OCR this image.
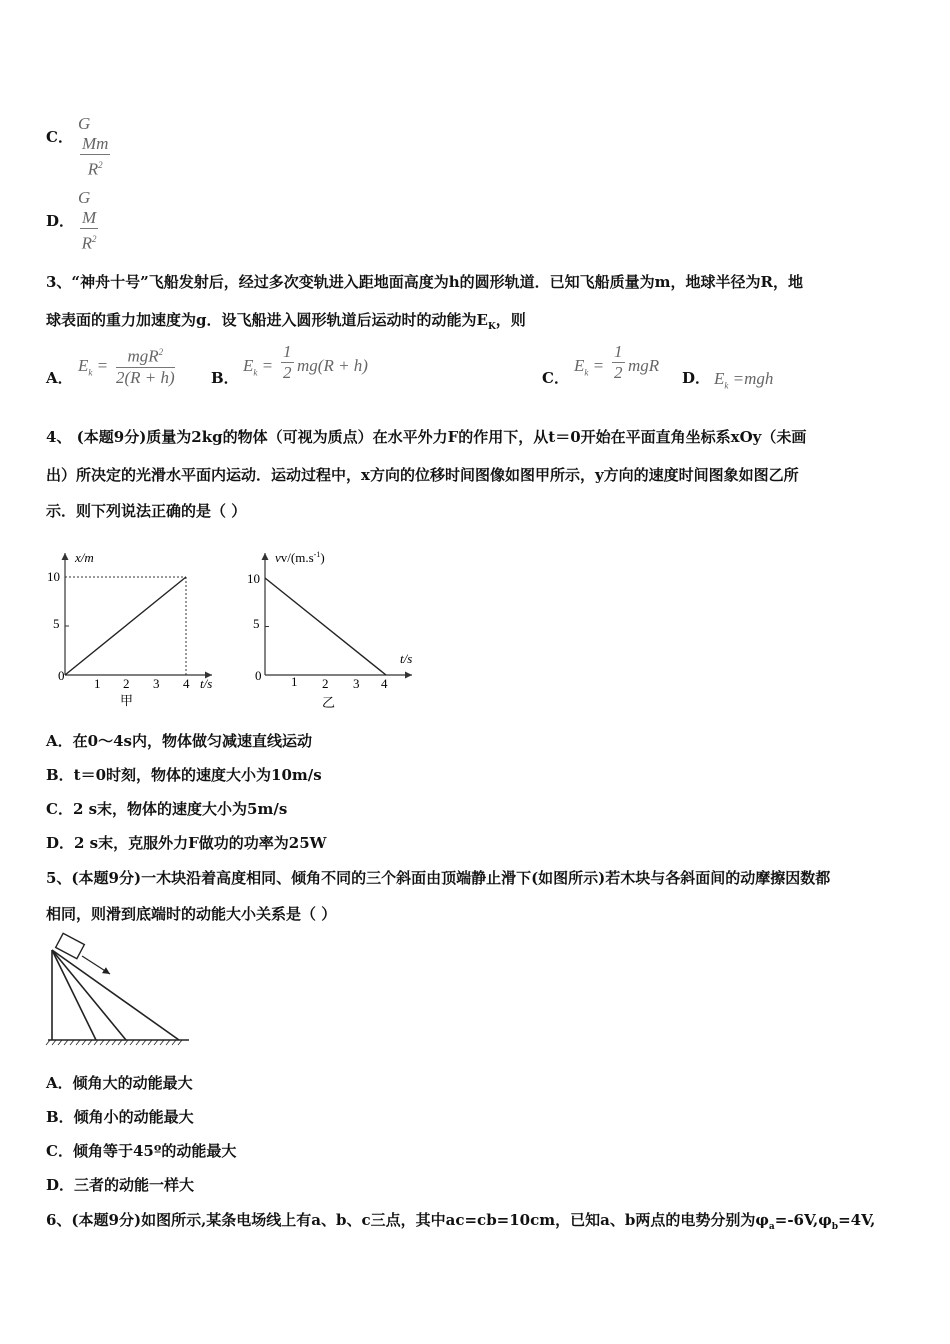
C．
G
$\frac{Mm}{R^2}$
D．
G
$\frac{M}{R^2}$
3、“神舟十号”飞船发射后，经过多次变轨进入距地面高度为h的圆形轨道．已知飞船质量为m，地球半径为R，地
球表面的重力加速度为g．设飞船进入圆形轨道后运动时的动能为$E_K$，则
A．
$E_k$ =	mgR$^2$
2(R + h) B．
$E_k = \frac{1}{2} mg(R + h)$
C．
$E_k = \frac{1}{2}$ mgR
D． $E_k =mgh$
4、 (本题9分)质量为2kg的物体（可视为质点）在水平外力F的作用下，从t＝0开始在平面直角坐标系xOy（未画
出）所决定的光滑水平面内运动．运动过程中，x方向的位移时间图像如图甲所示，y方向的速度时间图象如图乙所
示．则下列说法正确的是（ ）
x/m
10
5
0
1 2 3 4 t/s
甲
$vv/(m.s^{-1})$
10
5
0 1 2 3 4
t/s
乙
A．在0～4s内，物体做匀减速直线运动
B．t＝0时刻，物体的速度大小为10m/s
C．2 s末，物体的速度大小为5m/s
D．2 s末，克服外力F做功的功率为25W
5、(本题9分)一木块沿着高度相同、倾角不同的三个斜面由顶端静止滑下(如图所示)若木块与各斜面间的动摩擦因数都
相同，则滑到底端时的动能大小关系是（ ）
A．倾角大的动能最大
B．倾角小的动能最大
C．倾角等于45º的动能最大
D．三者的动能一样大
6、(本题9分)如图所示,某条电场线上有a、b、c三点，其中ac=cb=10cm，已知a、b两点的电势分别为$\varphi_a=-6V,\varphi_b=4V$,
